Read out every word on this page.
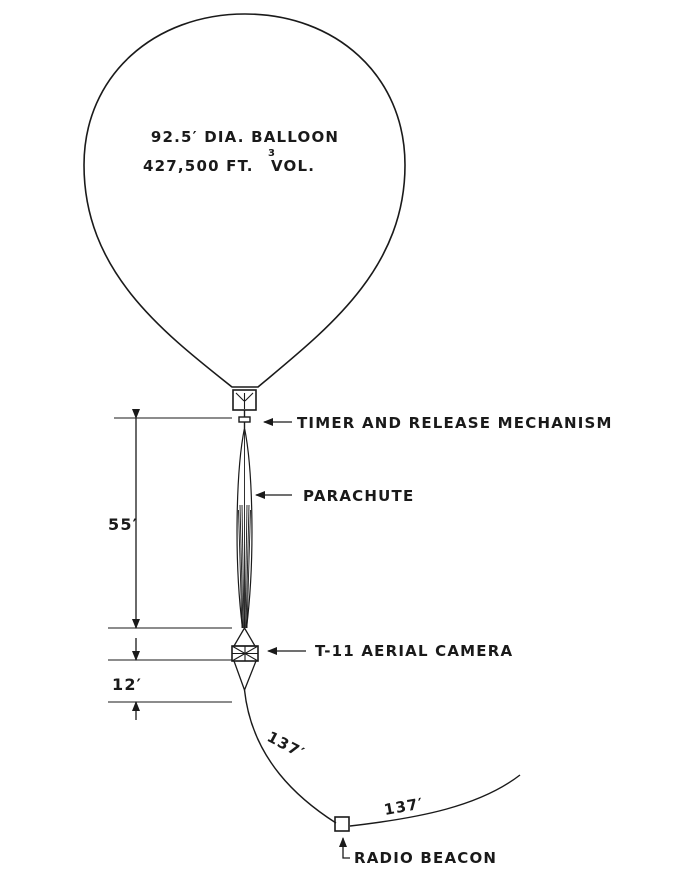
92.5′ DIA. BALLOON
427,500 FT.
3
VOL.
55′
12′
137′
137′
TIMER AND RELEASE MECHANISM
PARACHUTE
T-11 AERIAL CAMERA
RADIO BEACON
